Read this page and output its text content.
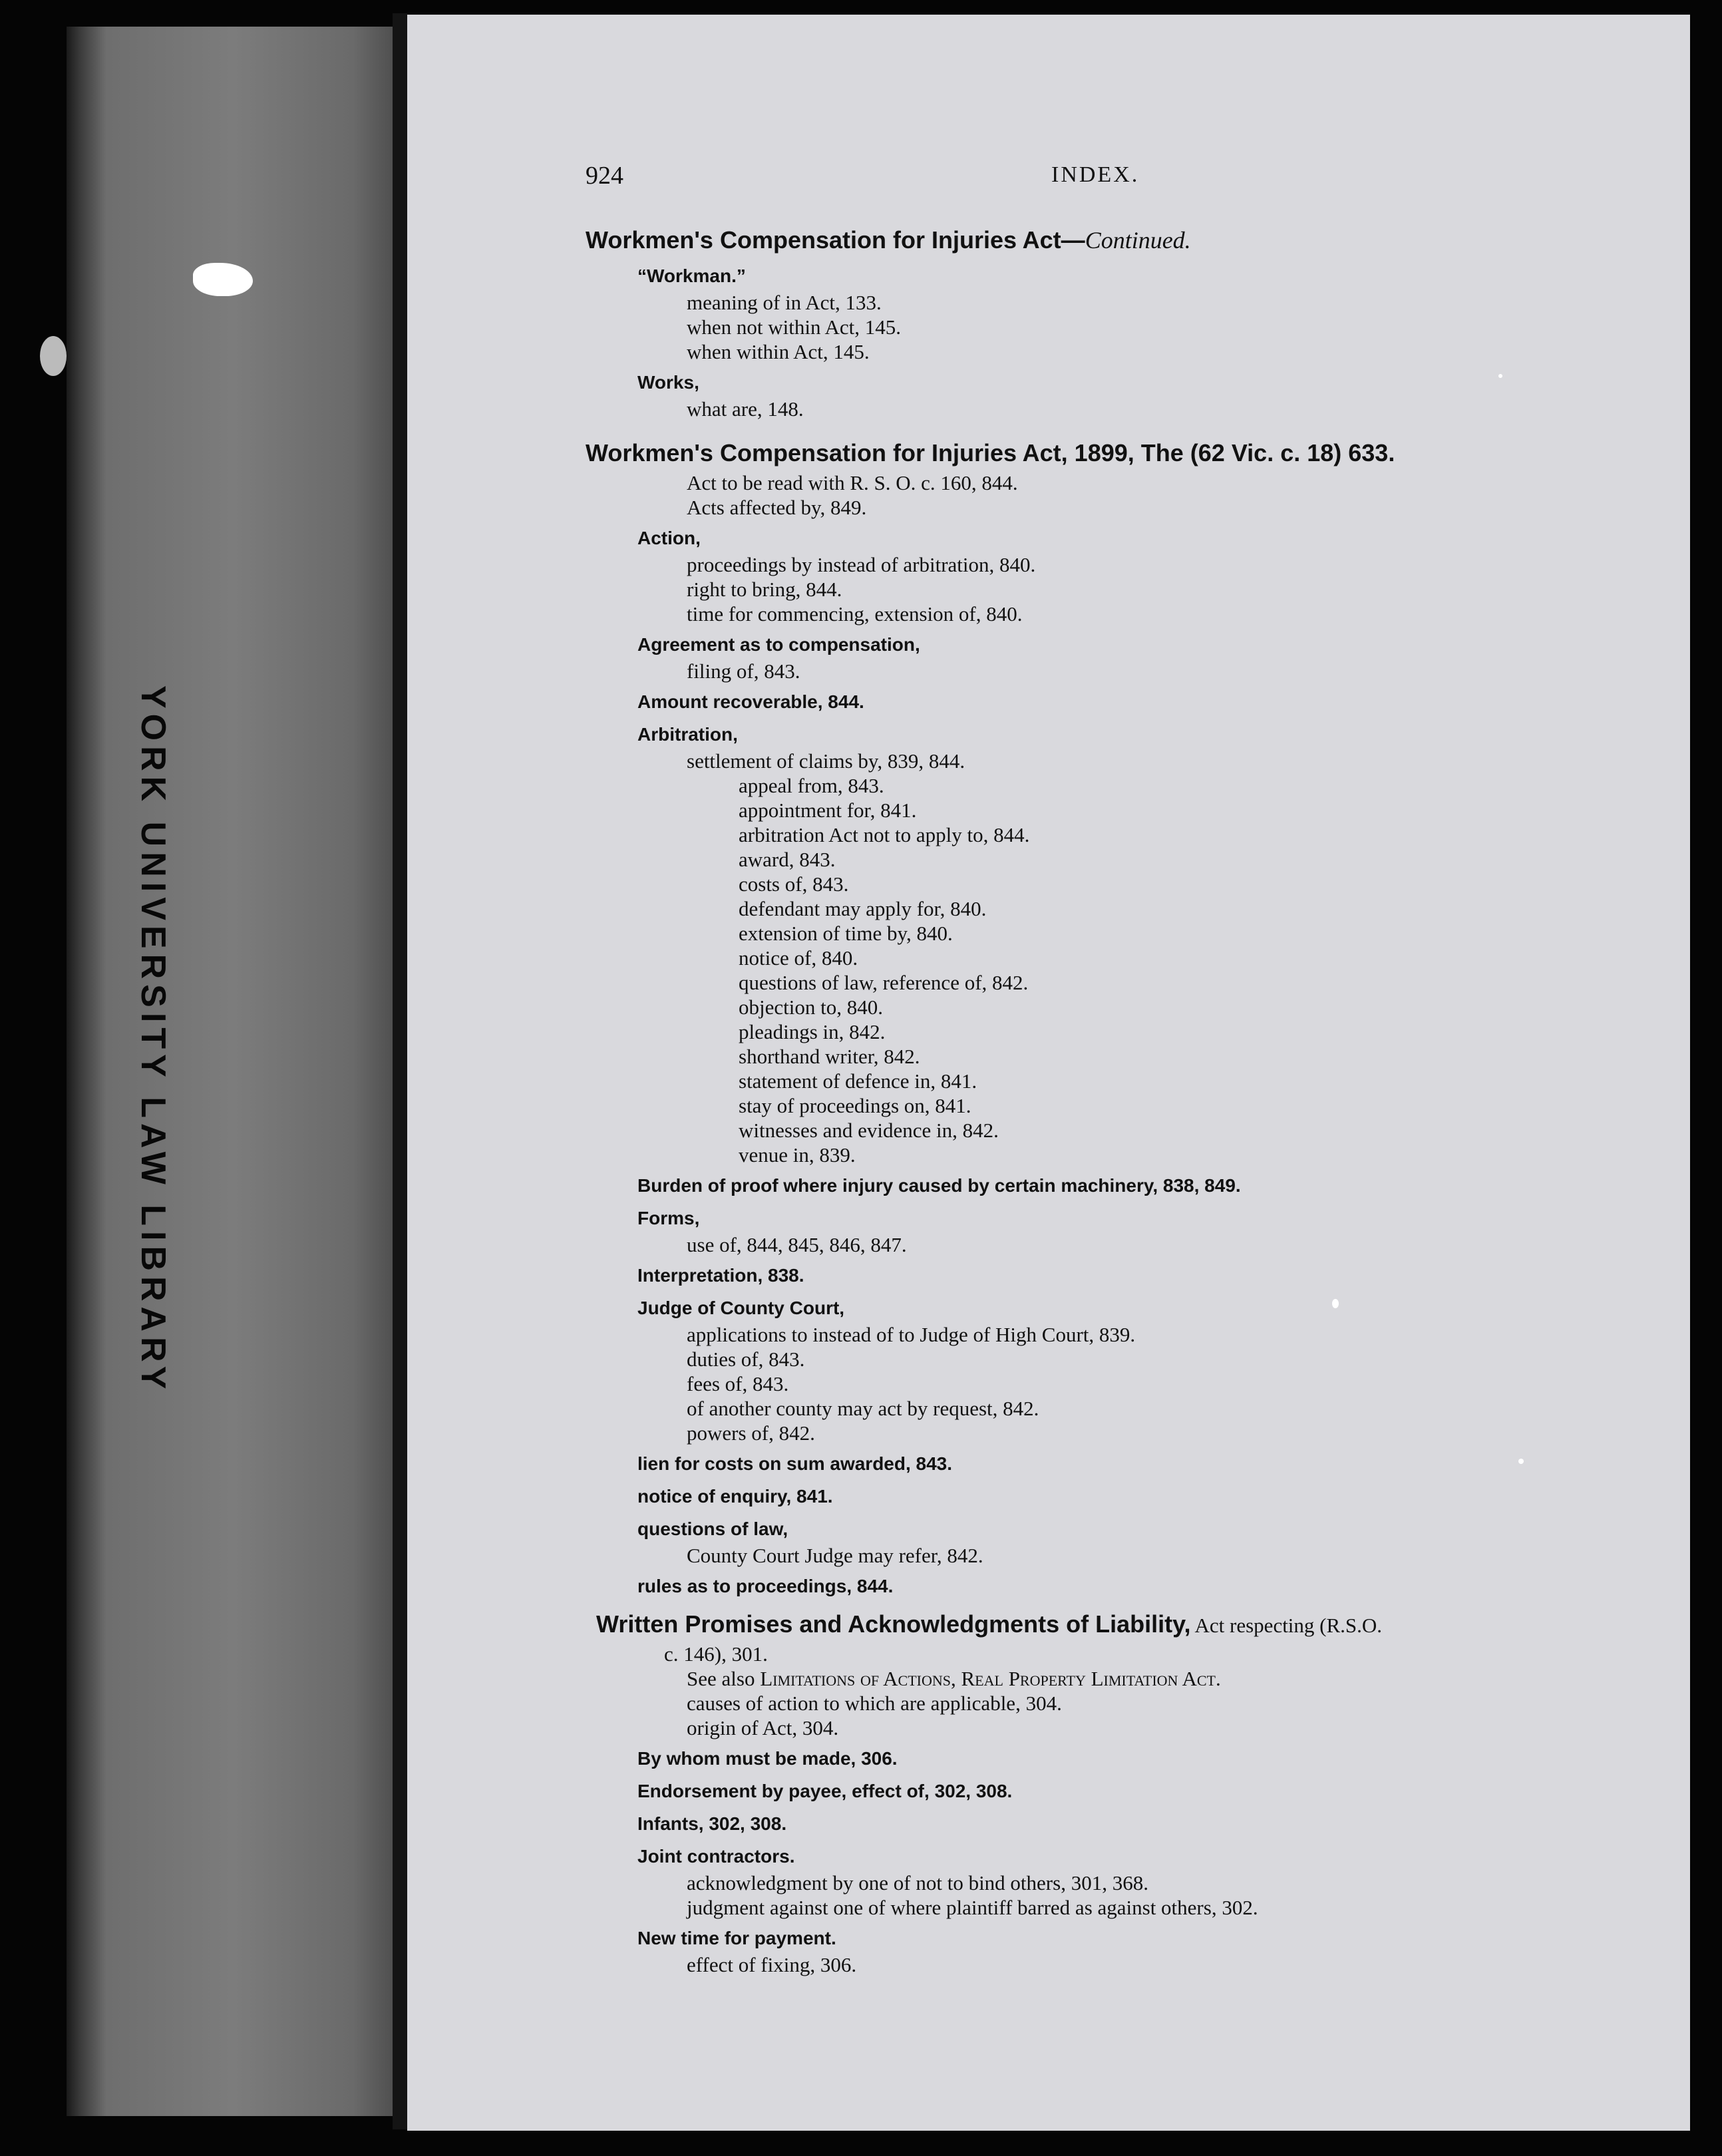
YORK UNIVERSITY LAW LIBRARY
924	INDEX.
Workmen's Compensation for Injuries Act—Continued.
“Workman.”
meaning of in Act, 133.
when not within Act, 145.
when within Act, 145.
Works,
what are, 148.
Workmen's Compensation for Injuries Act, 1899, The (62 Vic. c. 18) 633.
Act to be read with R. S. O. c. 160, 844.
Acts affected by, 849.
Action,
proceedings by instead of arbitration, 840.
right to bring, 844.
time for commencing, extension of, 840.
Agreement as to compensation,
filing of, 843.
Amount recoverable, 844.
Arbitration,
settlement of claims by, 839, 844.
appeal from, 843.
appointment for, 841.
arbitration Act not to apply to, 844.
award, 843.
costs of, 843.
defendant may apply for, 840.
extension of time by, 840.
notice of, 840.
questions of law, reference of, 842.
objection to, 840.
pleadings in, 842.
shorthand writer, 842.
statement of defence in, 841.
stay of proceedings on, 841.
witnesses and evidence in, 842.
venue in, 839.
Burden of proof where injury caused by certain machinery, 838, 849.
Forms,
use of, 844, 845, 846, 847.
Interpretation, 838.
Judge of County Court,
applications to instead of to Judge of High Court, 839.
duties of, 843.
fees of, 843.
of another county may act by request, 842.
powers of, 842.
lien for costs on sum awarded, 843.
notice of enquiry, 841.
questions of law,
County Court Judge may refer, 842.
rules as to proceedings, 844.
Written Promises and Acknowledgments of Liability, Act respecting (R.S.O.
c. 146), 301.
See also Limitations of Actions, Real Property Limitation Act.
causes of action to which are applicable, 304.
origin of Act, 304.
By whom must be made, 306.
Endorsement by payee, effect of, 302, 308.
Infants, 302, 308.
Joint contractors.
acknowledgment by one of not to bind others, 301, 368.
judgment against one of where plaintiff barred as against others, 302.
New time for payment.
effect of fixing, 306.
